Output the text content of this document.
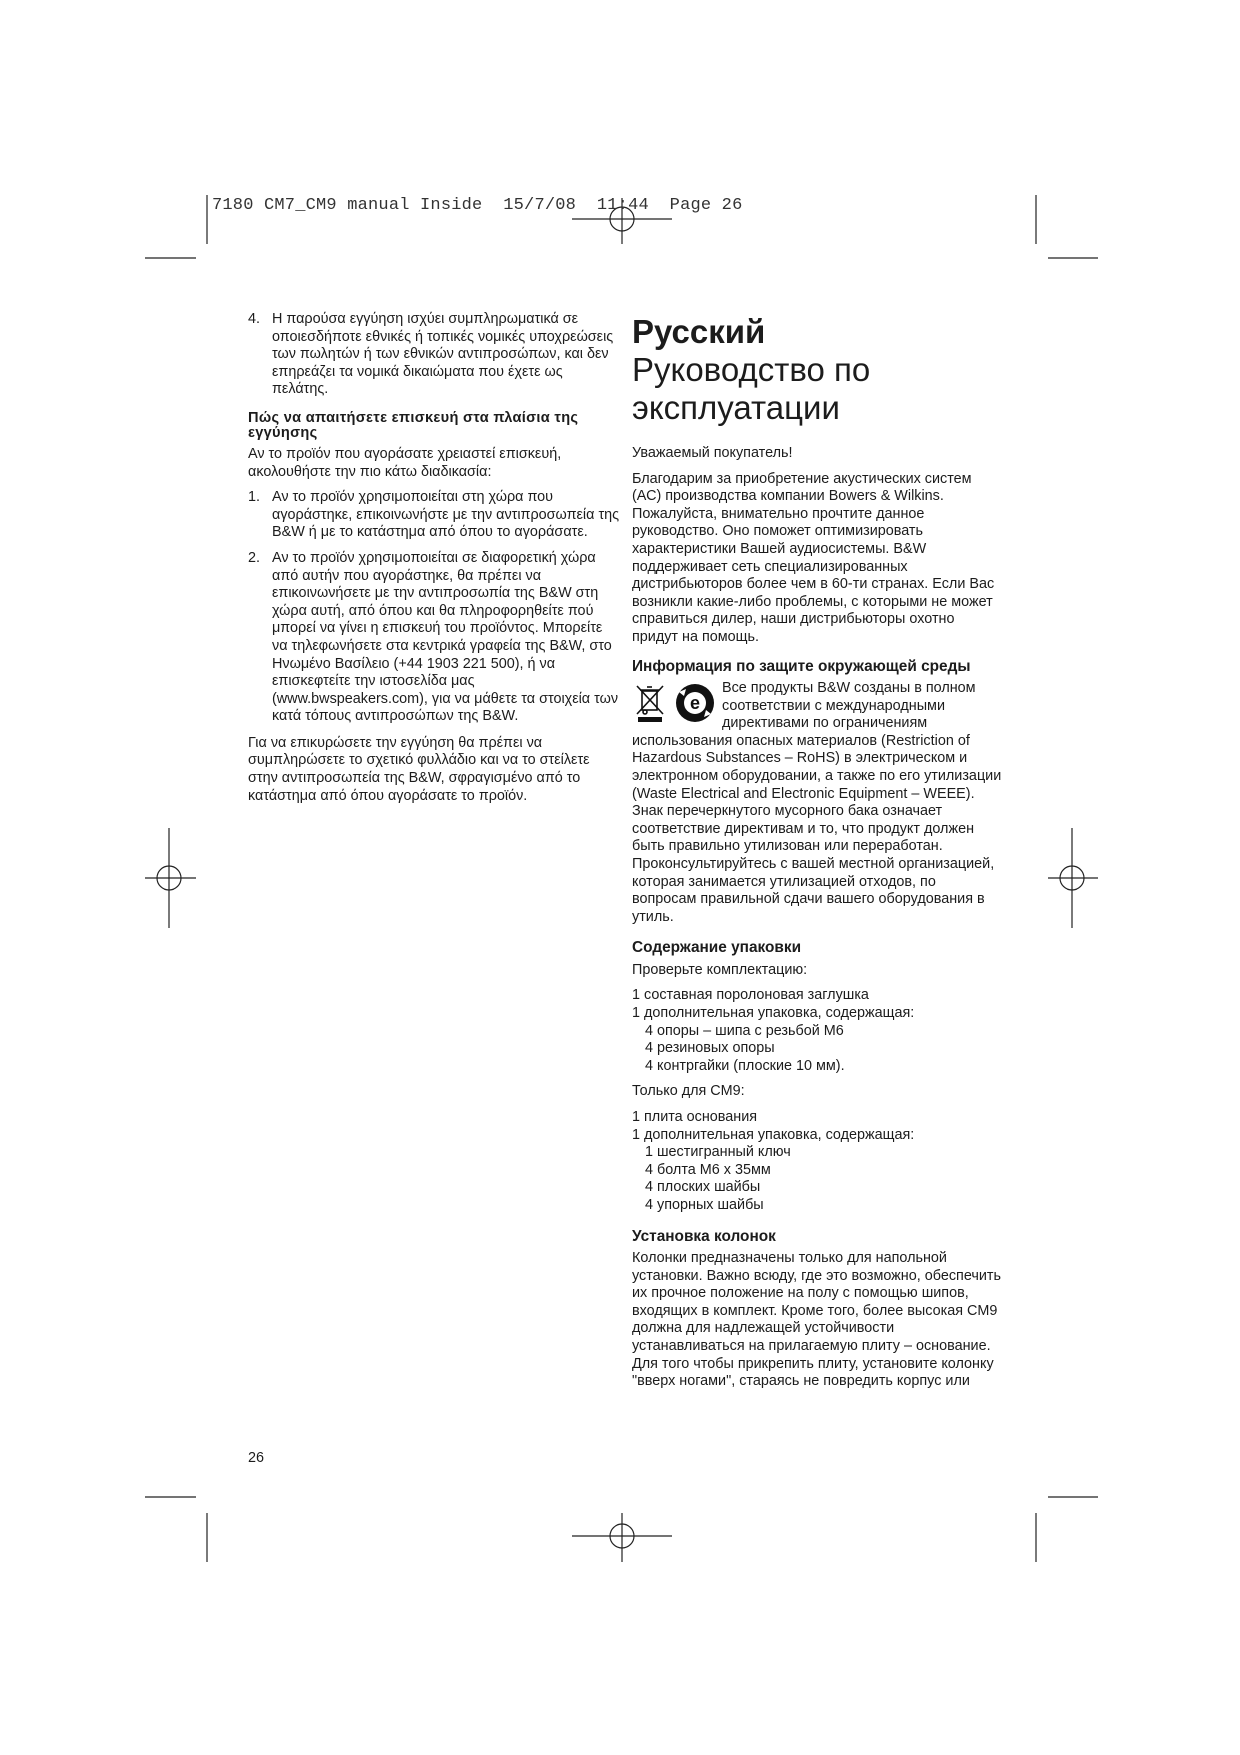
7180 CM7_CM9 manual Inside  15/7/08  11:44  Page 26
4. Η παρούσα εγγύηση ισχύει συμπληρωματικά σε οποιεσδήποτε εθνικές ή τοπικές νομικές υποχρεώσεις των πωλητών ή των εθνικών αντιπροσώπων, και δεν επηρεάζει τα νομικά δικαιώματα που έχετε ως πελάτης.
Πώς να απαιτήσετε επισκευή στα πλαίσια της εγγύησης

Αν το προϊόν που αγοράσατε χρειαστεί επισκευή, ακολουθήστε την πιο κάτω διαδικασία:

1. Αν το προϊόν χρησιμοποιείται στη χώρα που αγοράστηκε, επικοινωνήστε με την αντιπροσωπεία της B&W ή με το κατάστημα από όπου το αγοράσατε.
2. Αν το προϊόν χρησιμοποιείται σε διαφορετική χώρα από αυτήν που αγοράστηκε, θα πρέπει να επικοινωνήσετε με την αντιπροσωπία της B&W στη χώρα αυτή, από όπου και θα πληροφορηθείτε πού μπορεί να γίνει η επισκευή του προϊόντος. Μπορείτε να τηλεφωνήσετε στα κεντρικά γραφεία της B&W, στο Ηνωμένο Βασίλειο (+44 1903 221 500), ή να επισκεφτείτε την ιστοσελίδα μας (www.bwspeakers.com), για να μάθετε τα στοιχεία των κατά τόπους αντιπροσώπων της B&W.

Για να επικυρώσετε την εγγύηση θα πρέπει να συμπληρώσετε το σχετικό φυλλάδιο και να το στείλετε στην αντιπροσωπεία της B&W, σφραγισμένο από το κατάστημα από όπου αγοράσατε το προϊόν.

Русский
Руководство по эксплуатации

Уважаемый покупатель!

Благодарим за приобретение акустических систем (АС) производства компании Bowers & Wilkins. Пожалуйста, внимательно прочтите данное руководство. Оно поможет оптимизировать характеристики Вашей аудиосистемы. B&W поддерживает сеть специализированных дистрибьюторов более чем в 60-ти странах. Если Вас возникли какие-либо проблемы, с которыми не может справиться дилер, наши дистрибьюторы охотно придут на помощь.

Информация по защите окружающей среды
e

Все продукты B&W созданы в полном соответствии с международными директивами по ограничениям использования опасных материалов (Restriction of Hazardous Substances – RoHS) в электрическом и электронном оборудовании, а также по его утилизации (Waste Electrical and Electronic Equipment – WEEE). Знак перечеркнутого мусорного бака означает соответствие директивам и то, что продукт должен быть правильно утилизован или переработан. Проконсультируйтесь с вашей местной организацией, которая занимается утилизацией отходов, по вопросам правильной сдачи вашего оборудования в утиль.

Содержание упаковки

Проверьте комплектацию:

1 составная поролоновая заглушка
1 дополнительная упаковка, содержащая:
4 опоры – шипа с резьбой M6
4 резиновых опоры
4 контргайки (плоские 10 мм).

Только для CM9:

1 плита основания
1 дополнительная упаковка, содержащая:
1 шестигранный ключ
4 болта M6 x 35мм
4 плоских шайбы
4 упорных шайбы
Установка колонок

Колонки предназначены только для напольной установки. Важно всюду, где это возможно, обеспечить их прочное положение на полу с помощью шипов, входящих в комплект. Кроме того, более высокая CM9 должна для надлежащей устойчивости устанавливаться на прилагаемую плиту – основание. Для того чтобы прикрепить плиту, установите колонку "вверх ногами", стараясь не повредить корпус или

26
